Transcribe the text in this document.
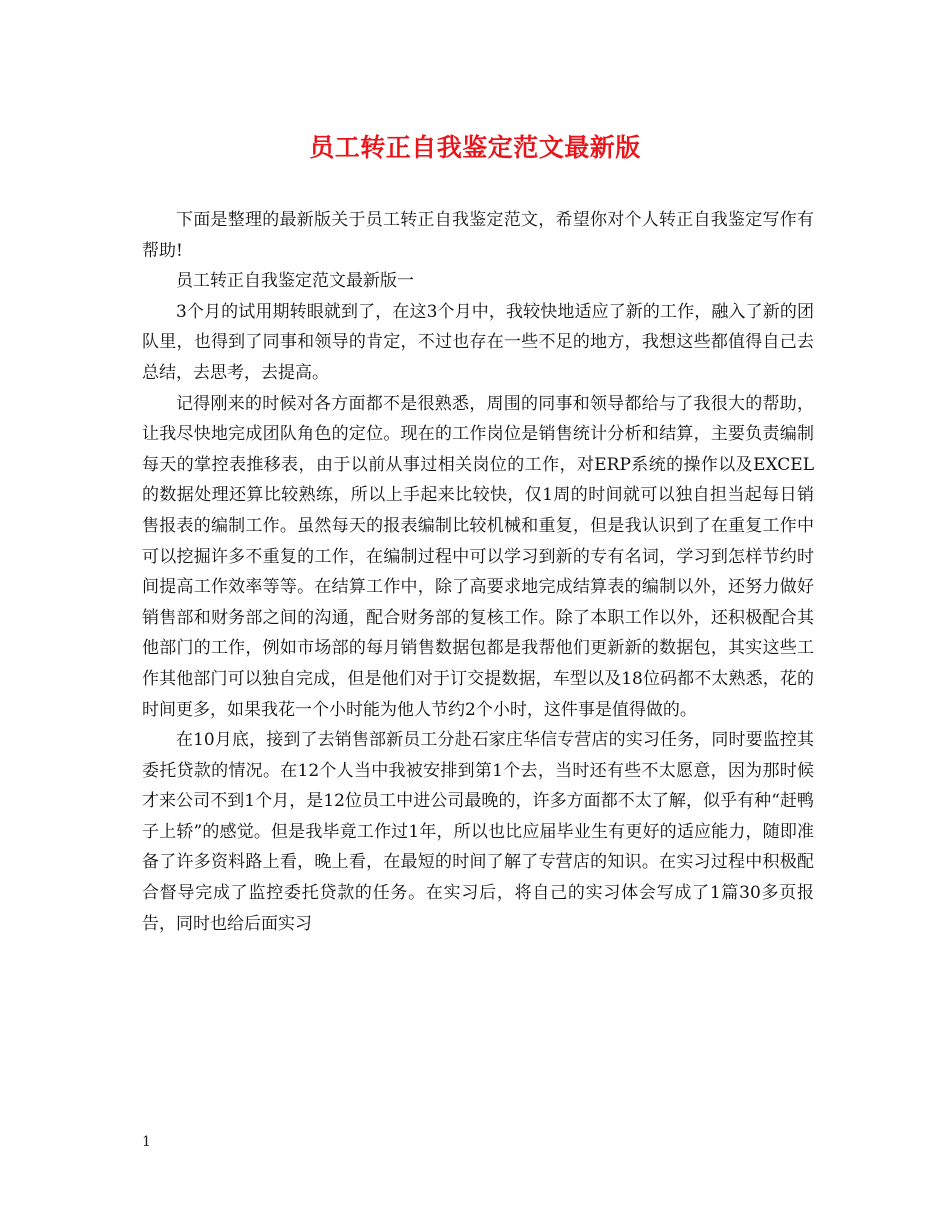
员工转正自我鉴定范文最新版

下面是整理的最新版关于员工转正自我鉴定范文，希望你对个人转正自我鉴定写作有帮助!

员工转正自我鉴定范文最新版一

3个月的试用期转眼就到了，在这3个月中，我较快地适应了新的工作，融入了新的团队里，也得到了同事和领导的肯定，不过也存在一些不足的地方，我想这些都值得自己去总结，去思考，去提高。

记得刚来的时候对各方面都不是很熟悉，周围的同事和领导都给与了我很大的帮助，让我尽快地完成团队角色的定位。现在的工作岗位是销售统计分析和结算，主要负责编制每天的掌控表推移表，由于以前从事过相关岗位的工作，对ERP系统的操作以及EXCEL的数据处理还算比较熟练，所以上手起来比较快，仅1周的时间就可以独自担当起每日销售报表的编制工作。虽然每天的报表编制比较机械和重复，但是我认识到了在重复工作中可以挖掘许多不重复的工作，在编制过程中可以学习到新的专有名词，学习到怎样节约时间提高工作效率等等。在结算工作中，除了高要求地完成结算表的编制以外，还努力做好销售部和财务部之间的沟通，配合财务部的复核工作。除了本职工作以外，还积极配合其他部门的工作，例如市场部的每月销售数据包都是我帮他们更新新的数据包，其实这些工作其他部门可以独自完成，但是他们对于订交提数据，车型以及18位码都不太熟悉，花的时间更多，如果我花一个小时能为他人节约2个小时，这件事是值得做的。

在10月底，接到了去销售部新员工分赴石家庄华信专营店的实习任务，同时要监控其委托贷款的情况。在12个人当中我被安排到第1个去，当时还有些不太愿意，因为那时候才来公司不到1个月，是12位员工中进公司最晚的，许多方面都不太了解，似乎有种“赶鸭子上轿”的感觉。但是我毕竟工作过1年，所以也比应届毕业生有更好的适应能力，随即准备了许多资料路上看，晚上看，在最短的时间了解了专营店的知识。在实习过程中积极配合督导完成了监控委托贷款的任务。在实习后，将自己的实习体会写成了1篇30多页报告，同时也给后面实习

1
